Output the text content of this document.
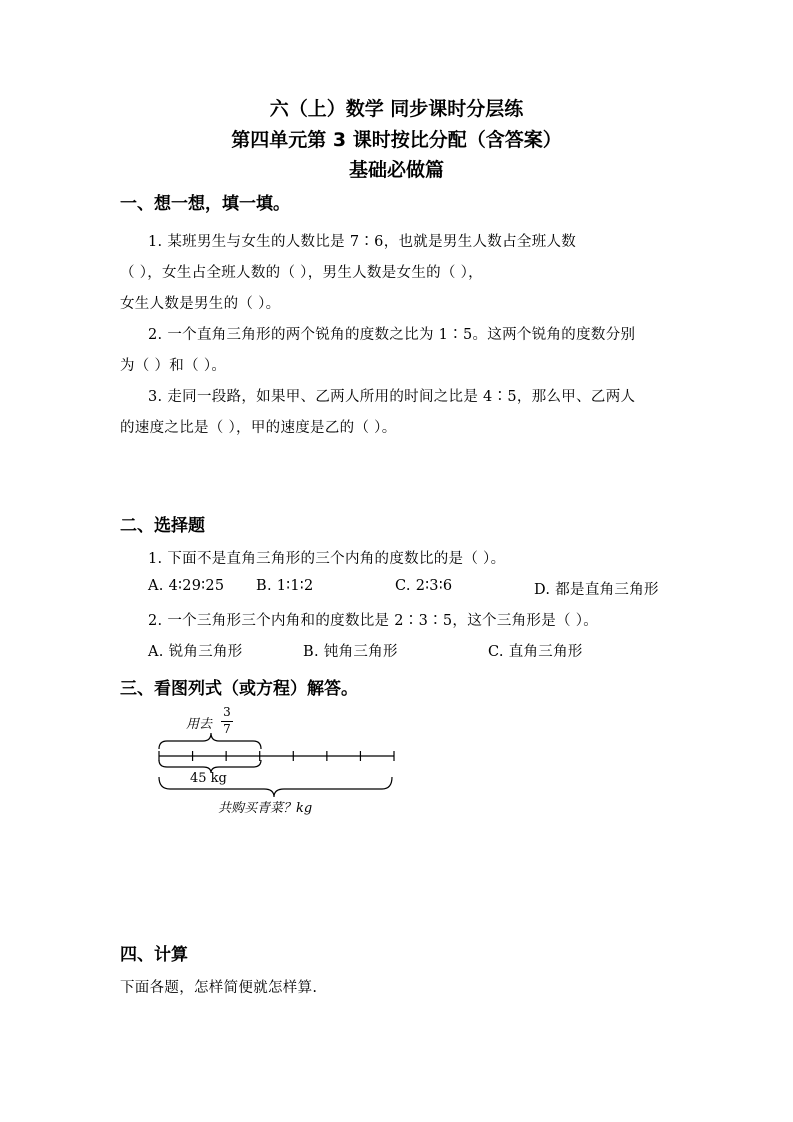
六（上）数学 同步课时分层练
第四单元第 3 课时按比分配（含答案）
基础必做篇
一、想一想，填一填。
1. 某班男生与女生的人数比是 7∶6，也就是男生人数占全班人数
（ ），女生占全班人数的（ ），男生人数是女生的（ ），
女生人数是男生的（ ）。
2. 一个直角三角形的两个锐角的度数之比为 1∶5。这两个锐角的度数分别
为（ ）和（ ）。
3. 走同一段路，如果甲、乙两人所用的时间之比是 4∶5，那么甲、乙两人
的速度之比是（ ），甲的速度是乙的（ ）。
二、选择题
1. 下面不是直角三角形的三个内角的度数比的是（ ）。
A. 4∶29∶25 B. 1∶1∶2	C. 2∶3∶6	D. 都是直角三角形
2. 一个三角形三个内角和的度数比是 2∶3∶5，这个三角形是（ ）。
A. 锐角三角形	B. 钝角三角形	C. 直角三角形
三、看图列式（或方程）解答。
用去
3
7
45 kg
共购买青菜？kg
四、计算
下面各题，怎样简便就怎样算.
